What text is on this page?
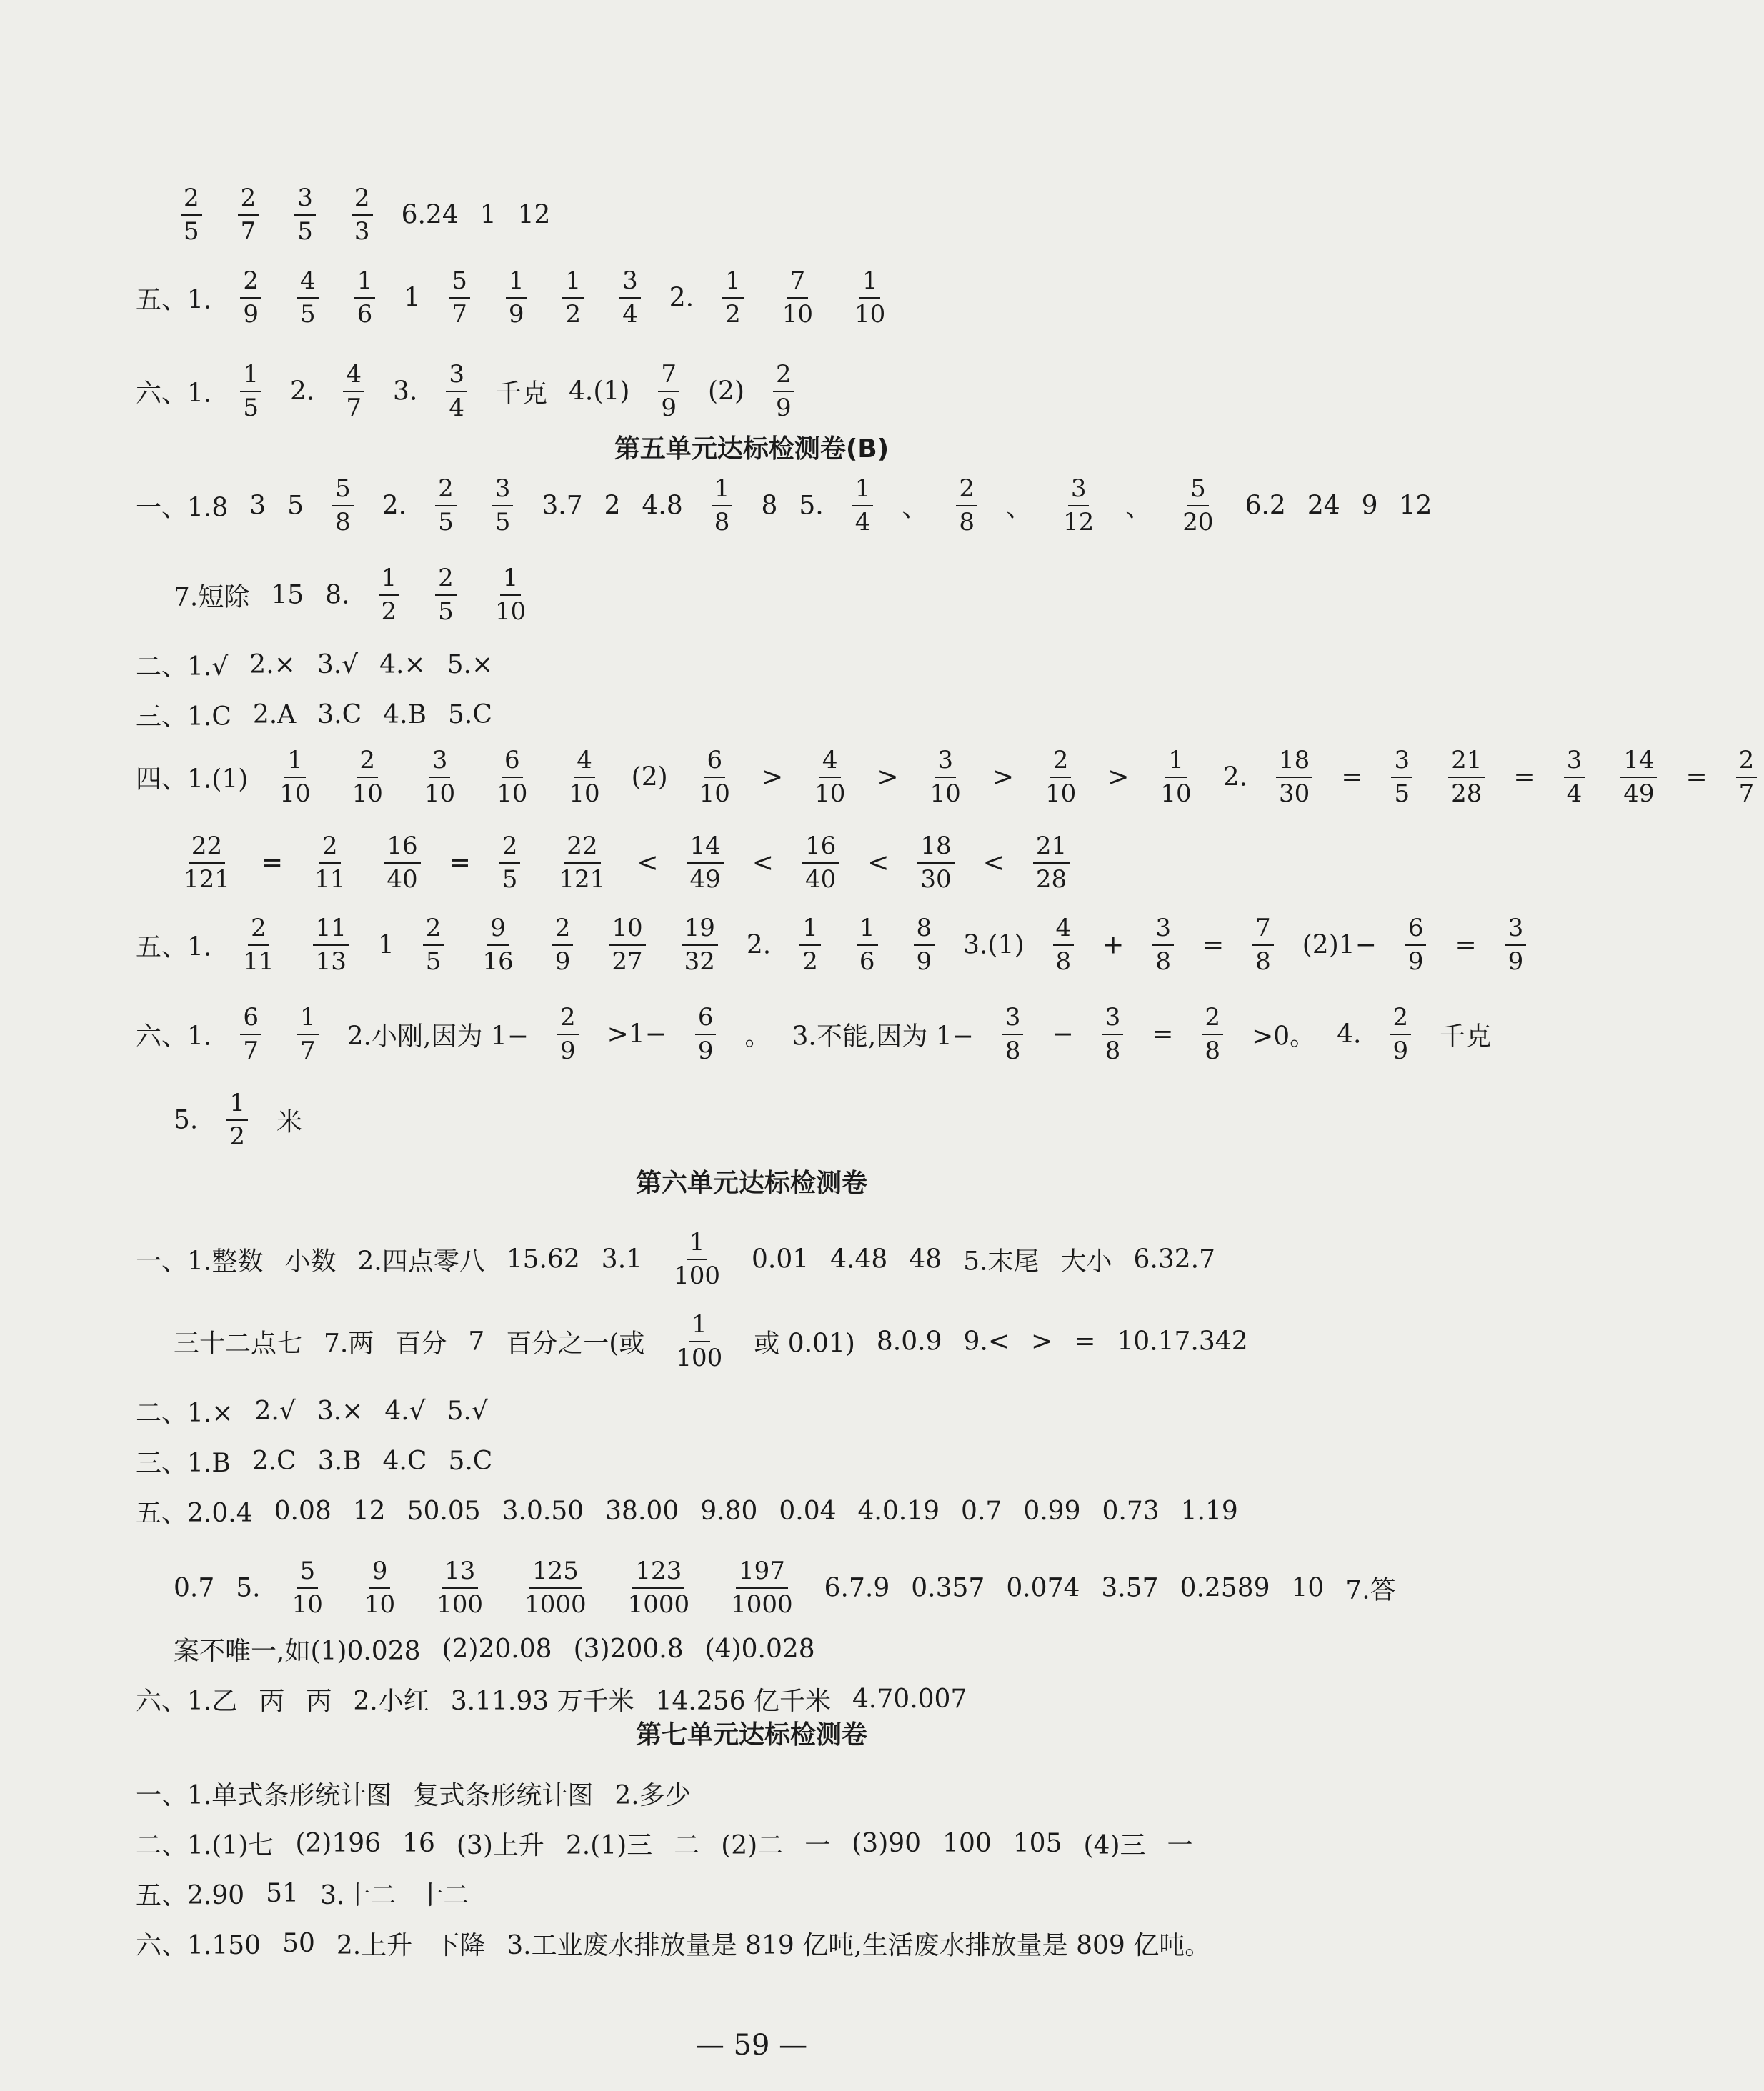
$\frac{2}{5} \frac{2}{7} \frac{3}{5} \frac{2}{3} 6.24$ 1 12
五、1. $\frac{2}{9} \frac{4}{5} \frac{1}{6} 1 \frac{5}{7} \frac{1}{9} \frac{1}{2} \frac{3}{4} 2$. $\frac{1}{2} \frac{7}{10} \frac{1}{10}$
六、1. $\frac{1}{5} 2$. $\frac{4}{7} 3$. $\frac{3}{4}$ 千克 $4.(1) \frac{7}{9} (2) \frac{2}{9}$
一、1.8 3 $5 \frac{5}{8} 2$. $\frac{2}{5} \frac{3}{5} 3.7$ 2 $4.8 \frac{1}{8} 8$ 5. $\frac{1}{4}$ 、 $\frac{2}{8}$ 、 $\frac{3}{12}$ 、 $\frac{5}{20} 6.2$ 24 9 12
7.短除 15 8. $\frac{1}{2} \frac{2}{5} \frac{1}{10}$
二、1.√ 2.× 3.√ 4.× 5.×
三、1.C 2.A 3.C 4.B 5.C
四、$1.(1) \frac{1}{10} \frac{2}{10} \frac{3}{10} \frac{6}{10} \frac{4}{10} (2) \frac{6}{10} > \frac{4}{10} > \frac{3}{10} > \frac{2}{10} > \frac{1}{10} 2$. $\frac{18}{30} = \frac{3}{5} \frac{21}{28} = \frac{3}{4} \frac{14}{49} = \frac{2}{7}$
$\frac{22}{121} = \frac{2}{11} \frac{16}{40} = \frac{2}{5} \frac{22}{121} < \frac{14}{49} < \frac{16}{40} < \frac{18}{30} < \frac{21}{28}$
五、1. $\frac{2}{11} \frac{11}{13} 1 \frac{2}{5} \frac{9}{16} \frac{2}{9} \frac{10}{27} \frac{19}{32} 2$. $\frac{1}{2} \frac{1}{6} \frac{8}{9} 3.(1) \frac{4}{8} + \frac{3}{8} = \frac{7}{8} (2)1- \frac{6}{9} = \frac{3}{9}$
六、1. $\frac{6}{7} \frac{1}{7} 2$.小刚,因为 $1- \frac{2}{9} >1- \frac{6}{9}$ 。 3.不能,因为 $1- \frac{3}{8} - \frac{3}{8} = \frac{2}{8} >0$。 4. $\frac{2}{9}$ 千克
5. $\frac{1}{2}$ 米
一、1.整数 小数 2.四点零八 15.62 $3.1 \frac{1}{100} 0.01$ 4.48 48 5.末尾 大小 6.32.7
三十二点七 7.两 百分 7 百分之一(或 $\frac{1}{100}$ 或 0.01) 8.0.9 9.< > = 10.17.342
二、1.× 2.√ 3.× 4.√ 5.√
三、1.B 2.C 3.B 4.C 5.C
五、2.0.4 0.08 12 50.05 3.0.50 38.00 9.80 0.04 4.0.19 0.7 0.99 0.73 1.19
0.7 5. $\frac{5}{10} \frac{9}{10} \frac{13}{100} \frac{125}{1000} \frac{123}{1000} \frac{197}{1000} 6.7.9$ 0.357 0.074 3.57 0.2589 10 7.答
案不唯一,如(1)0.028 (2)20.08 (3)200.8 (4)0.028
六、1.乙 丙 丙 2.小红 3.11.93 万千米 14.256 亿千米 4.70.007
一、1.单式条形统计图 复式条形统计图 2.多少
二、1.(1)七 (2)196 16 (3)上升 2.(1)三 二 (2)二 一 (3)90 100 105 (4)三 一
五、2.90 51 3.十二 十二
六、1.150 50 2.上升 下降 3.工业废水排放量是 819 亿吨,生活废水排放量是 809 亿吨。
第五单元达标检测卷(B)
第六单元达标检测卷
第七单元达标检测卷
— 59 —
